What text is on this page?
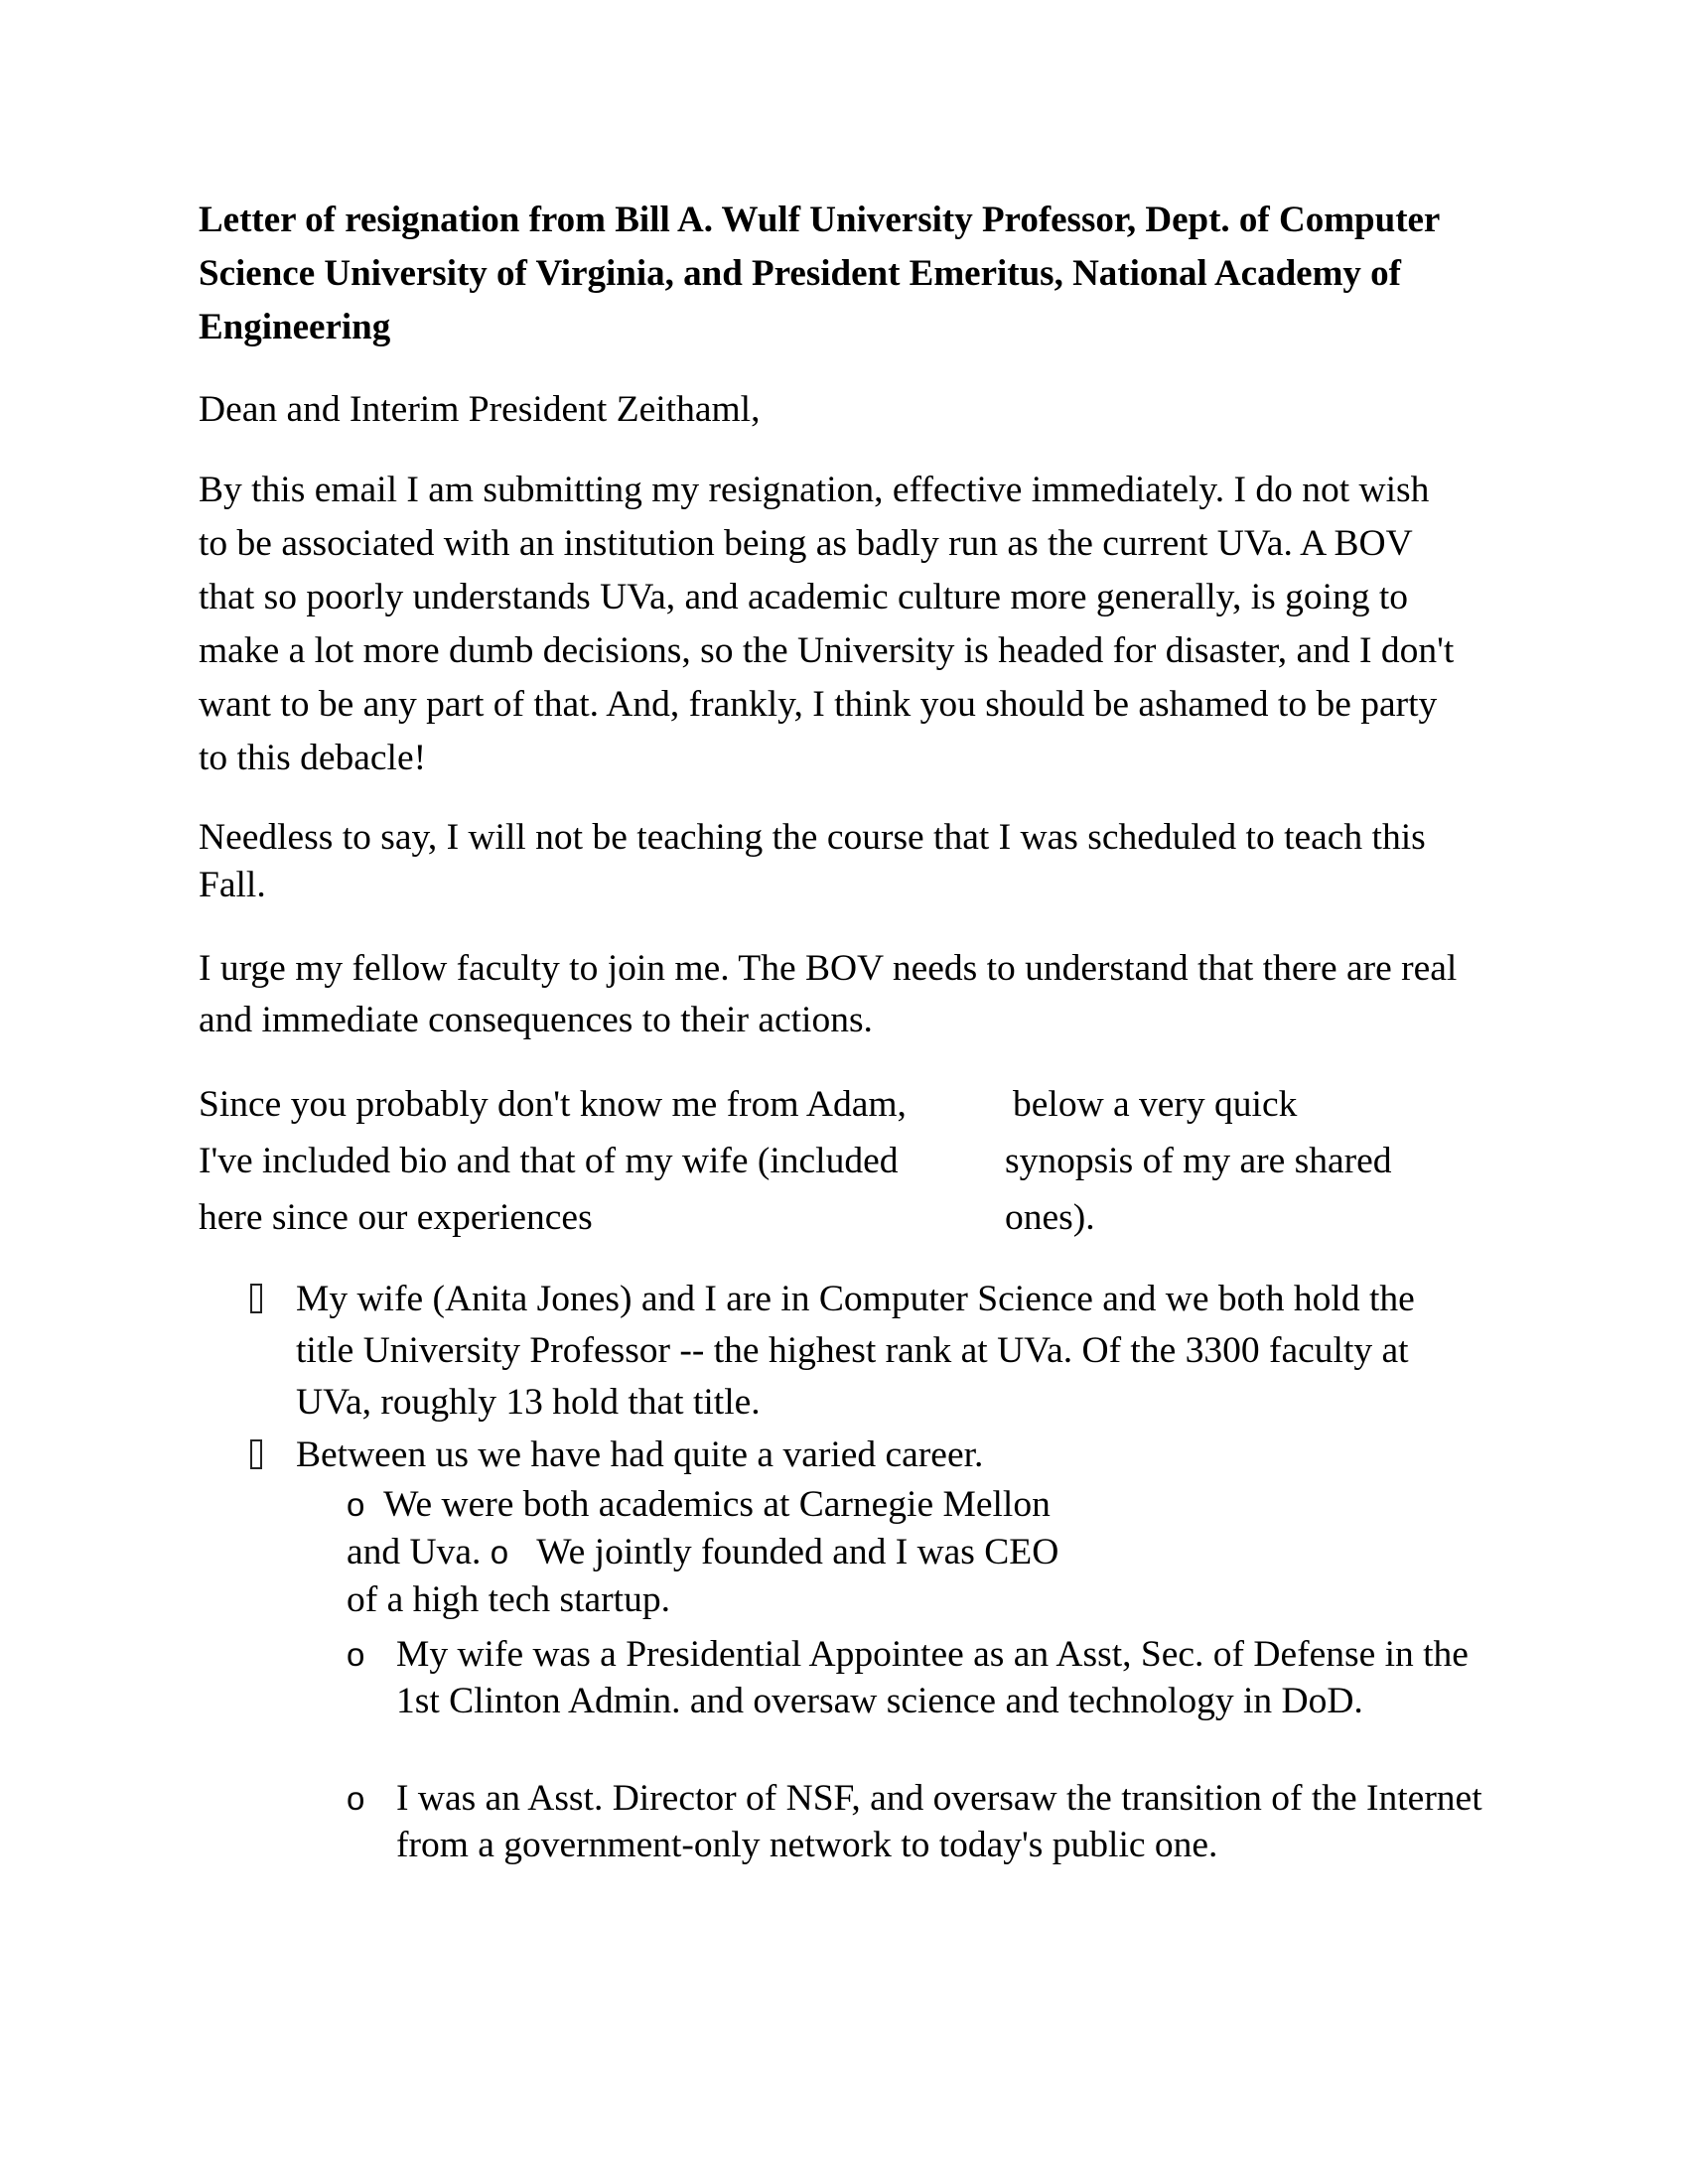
Letter of resignation from Bill A. Wulf University Professor, Dept. of Computer Science University of Virginia, and President Emeritus, National Academy of Engineering

Dean and Interim President Zeithaml,

By this email I am submitting my resignation, effective immediately. I do not wish to be associated with an institution being as badly run as the current UVa. A BOV that so poorly understands UVa, and academic culture more generally, is going to make a lot more dumb decisions, so the University is headed for disaster, and I don't want to be any part of that. And, frankly, I think you should be ashamed to be party to this debacle!

Needless to say, I will not be teaching the course that I was scheduled to teach this Fall.

I urge my fellow faculty to join me. The BOV needs to understand that there are real and immediate consequences to their actions.

Since you probably don't know me from Adam,
I've included bio and that of my wife (included
here since our experiences
below a very quick
synopsis of my are shared
ones).
My wife (Anita Jones) and I are in Computer Science and we both hold the title University Professor -- the highest rank at UVa. Of the 3300 faculty at UVa, roughly 13 hold that title.
Between us we have had quite a varied career.
o We were both academics at Carnegie Mellon
and Uva. o We jointly founded and I was CEO
of a high tech startup.
o My wife was a Presidential Appointee as an Asst, Sec. of Defense in the 1st Clinton Admin. and oversaw science and technology in DoD.
o I was an Asst. Director of NSF, and oversaw the transition of the Internet from a government-only network to today's public one.
